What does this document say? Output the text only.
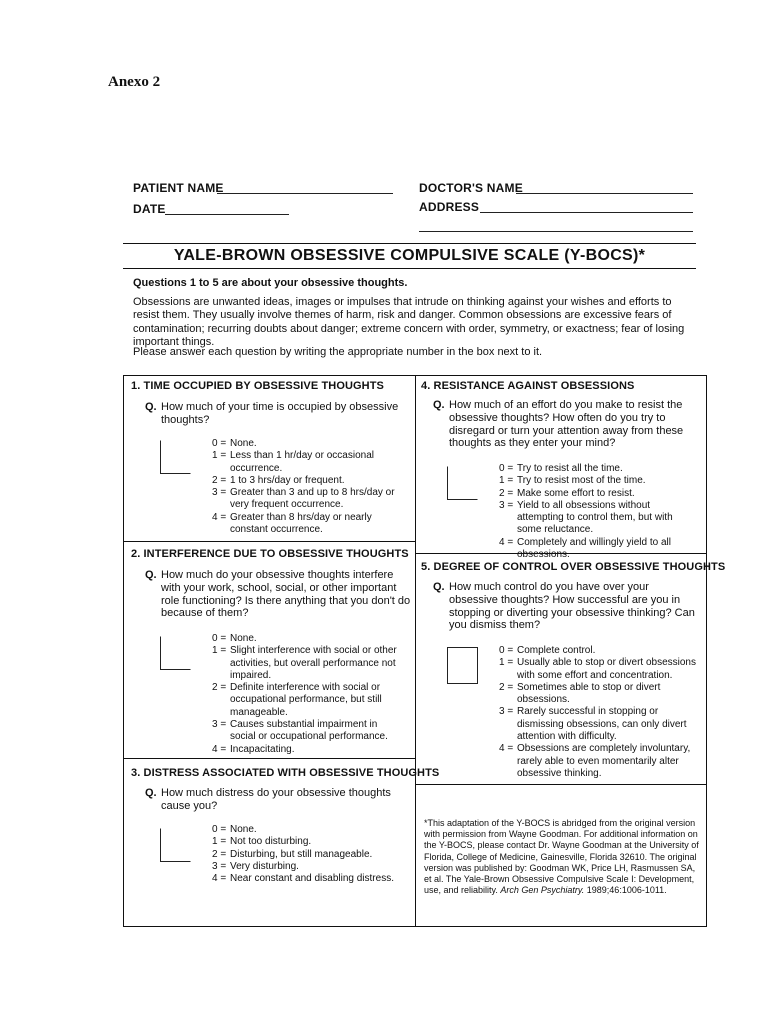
Anexo 2
PATIENT NAME
DATE
DOCTOR'S NAME
ADDRESS
YALE-BROWN OBSESSIVE COMPULSIVE SCALE (Y-BOCS)*
Questions 1 to 5 are about your obsessive thoughts.
Obsessions are unwanted ideas, images or impulses that intrude on thinking against your wishes and efforts to resist them. They usually involve themes of harm, risk and danger. Common obsessions are excessive fears of contamination; recurring doubts about danger; extreme concern with order, symmetry, or exactness; fear of losing important things.
Please answer each question by writing the appropriate number in the box next to it.
1. TIME OCCUPIED BY OBSESSIVE THOUGHTS
Q. How much of your time is occupied by obsessive thoughts?
0 = None.
1 = Less than 1 hr/day or occasional occurrence.
2 = 1 to 3 hrs/day or frequent.
3 = Greater than 3 and up to 8 hrs/day or very frequent occurrence.
4 = Greater than 8 hrs/day or nearly constant occurrence.
2. INTERFERENCE DUE TO OBSESSIVE THOUGHTS
Q. How much do your obsessive thoughts interfere with your work, school, social, or other important role functioning? Is there anything that you don't do because of them?
0 = None.
1 = Slight interference with social or other activities, but overall performance not impaired.
2 = Definite interference with social or occupational performance, but still manageable.
3 = Causes substantial impairment in social or occupational performance.
4 = Incapacitating.
3. DISTRESS ASSOCIATED WITH OBSESSIVE THOUGHTS
Q. How much distress do your obsessive thoughts cause you?
0 = None.
1 = Not too disturbing.
2 = Disturbing, but still manageable.
3 = Very disturbing.
4 = Near constant and disabling distress.
4. RESISTANCE AGAINST OBSESSIONS
Q. How much of an effort do you make to resist the obsessive thoughts? How often do you try to disregard or turn your attention away from these thoughts as they enter your mind?
0 = Try to resist all the time.
1 = Try to resist most of the time.
2 = Make some effort to resist.
3 = Yield to all obsessions without attempting to control them, but with some reluctance.
4 = Completely and willingly yield to all obsessions.
5. DEGREE OF CONTROL OVER OBSESSIVE THOUGHTS
Q. How much control do you have over your obsessive thoughts? How successful are you in stopping or diverting your obsessive thinking? Can you dismiss them?
0 = Complete control.
1 = Usually able to stop or divert obsessions with some effort and concentration.
2 = Sometimes able to stop or divert obsessions.
3 = Rarely successful in stopping or dismissing obsessions, can only divert attention with difficulty.
4 = Obsessions are completely involuntary, rarely able to even momentarily alter obsessive thinking.
*This adaptation of the Y-BOCS is abridged from the original version with permission from Wayne Goodman. For additional information on the Y-BOCS, please contact Dr. Wayne Goodman at the University of Florida, College of Medicine, Gainesville, Florida 32610. The original version was published by: Goodman WK, Price LH, Rasmussen SA, et al. The Yale-Brown Obsessive Compulsive Scale I: Development, use, and reliability. Arch Gen Psychiatry. 1989;46:1006-1011.
